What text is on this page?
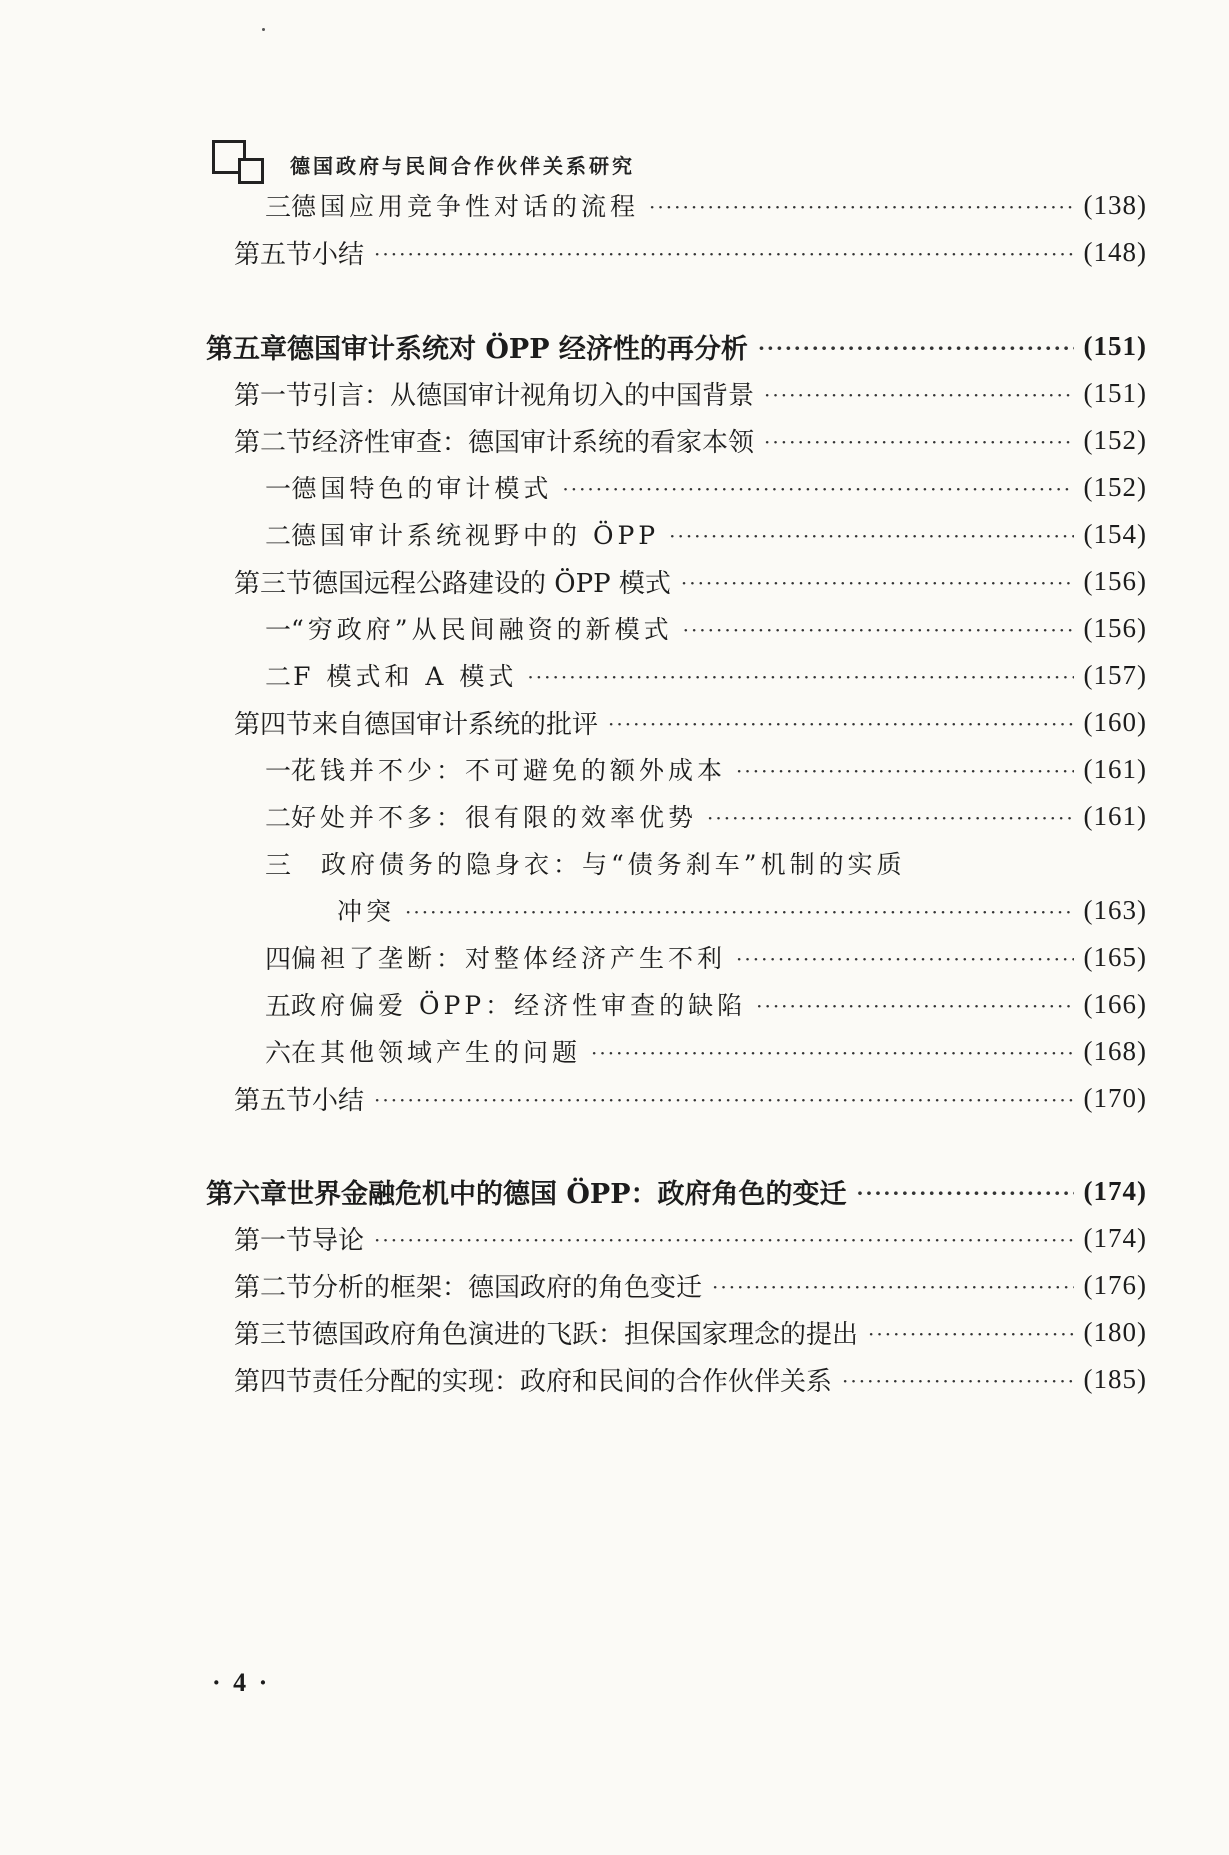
德国政府与民间合作伙伴关系研究
三 德国应用竞争性对话的流程 ·····	(138)
第五节 小结 ·····	(148)
第五章 德国审计系统对 ÖPP 经济性的再分析 ·····	(151)
第一节 引言：从德国审计视角切入的中国背景 ·····	(151)
第二节 经济性审查：德国审计系统的看家本领 ·····	(152)
一 德国特色的审计模式 ·····	(152)
二 德国审计系统视野中的 ÖPP ·····	(154)
第三节 德国远程公路建设的 ÖPP 模式 ·····	(156)
一 “穷政府”从民间融资的新模式 ·····	(156)
二 F 模式和 A 模式 ·····	(157)
第四节 来自德国审计系统的批评 ·····	(160)
一 花钱并不少：不可避免的额外成本 ·····	(161)
二 好处并不多：很有限的效率优势 ·····	(161)
三	政府债务的隐身衣：与“债务刹车”机制的实质
冲突 ·····	(163)
四 偏袒了垄断：对整体经济产生不利 ·····	(165)
五 政府偏爱 ÖPP：经济性审查的缺陷 ·····	(166)
六 在其他领域产生的问题 ·····	(168)
第五节 小结 ·····	(170)
第六章 世界金融危机中的德国 ÖPP：政府角色的变迁 ·····	(174)
第一节 导论 ·····	(174)
第二节 分析的框架：德国政府的角色变迁 ·····	(176)
第三节 德国政府角色演进的飞跃：担保国家理念的提出 ·····	(180)
第四节 责任分配的实现：政府和民间的合作伙伴关系 ·····	(185)
· 4 ·
